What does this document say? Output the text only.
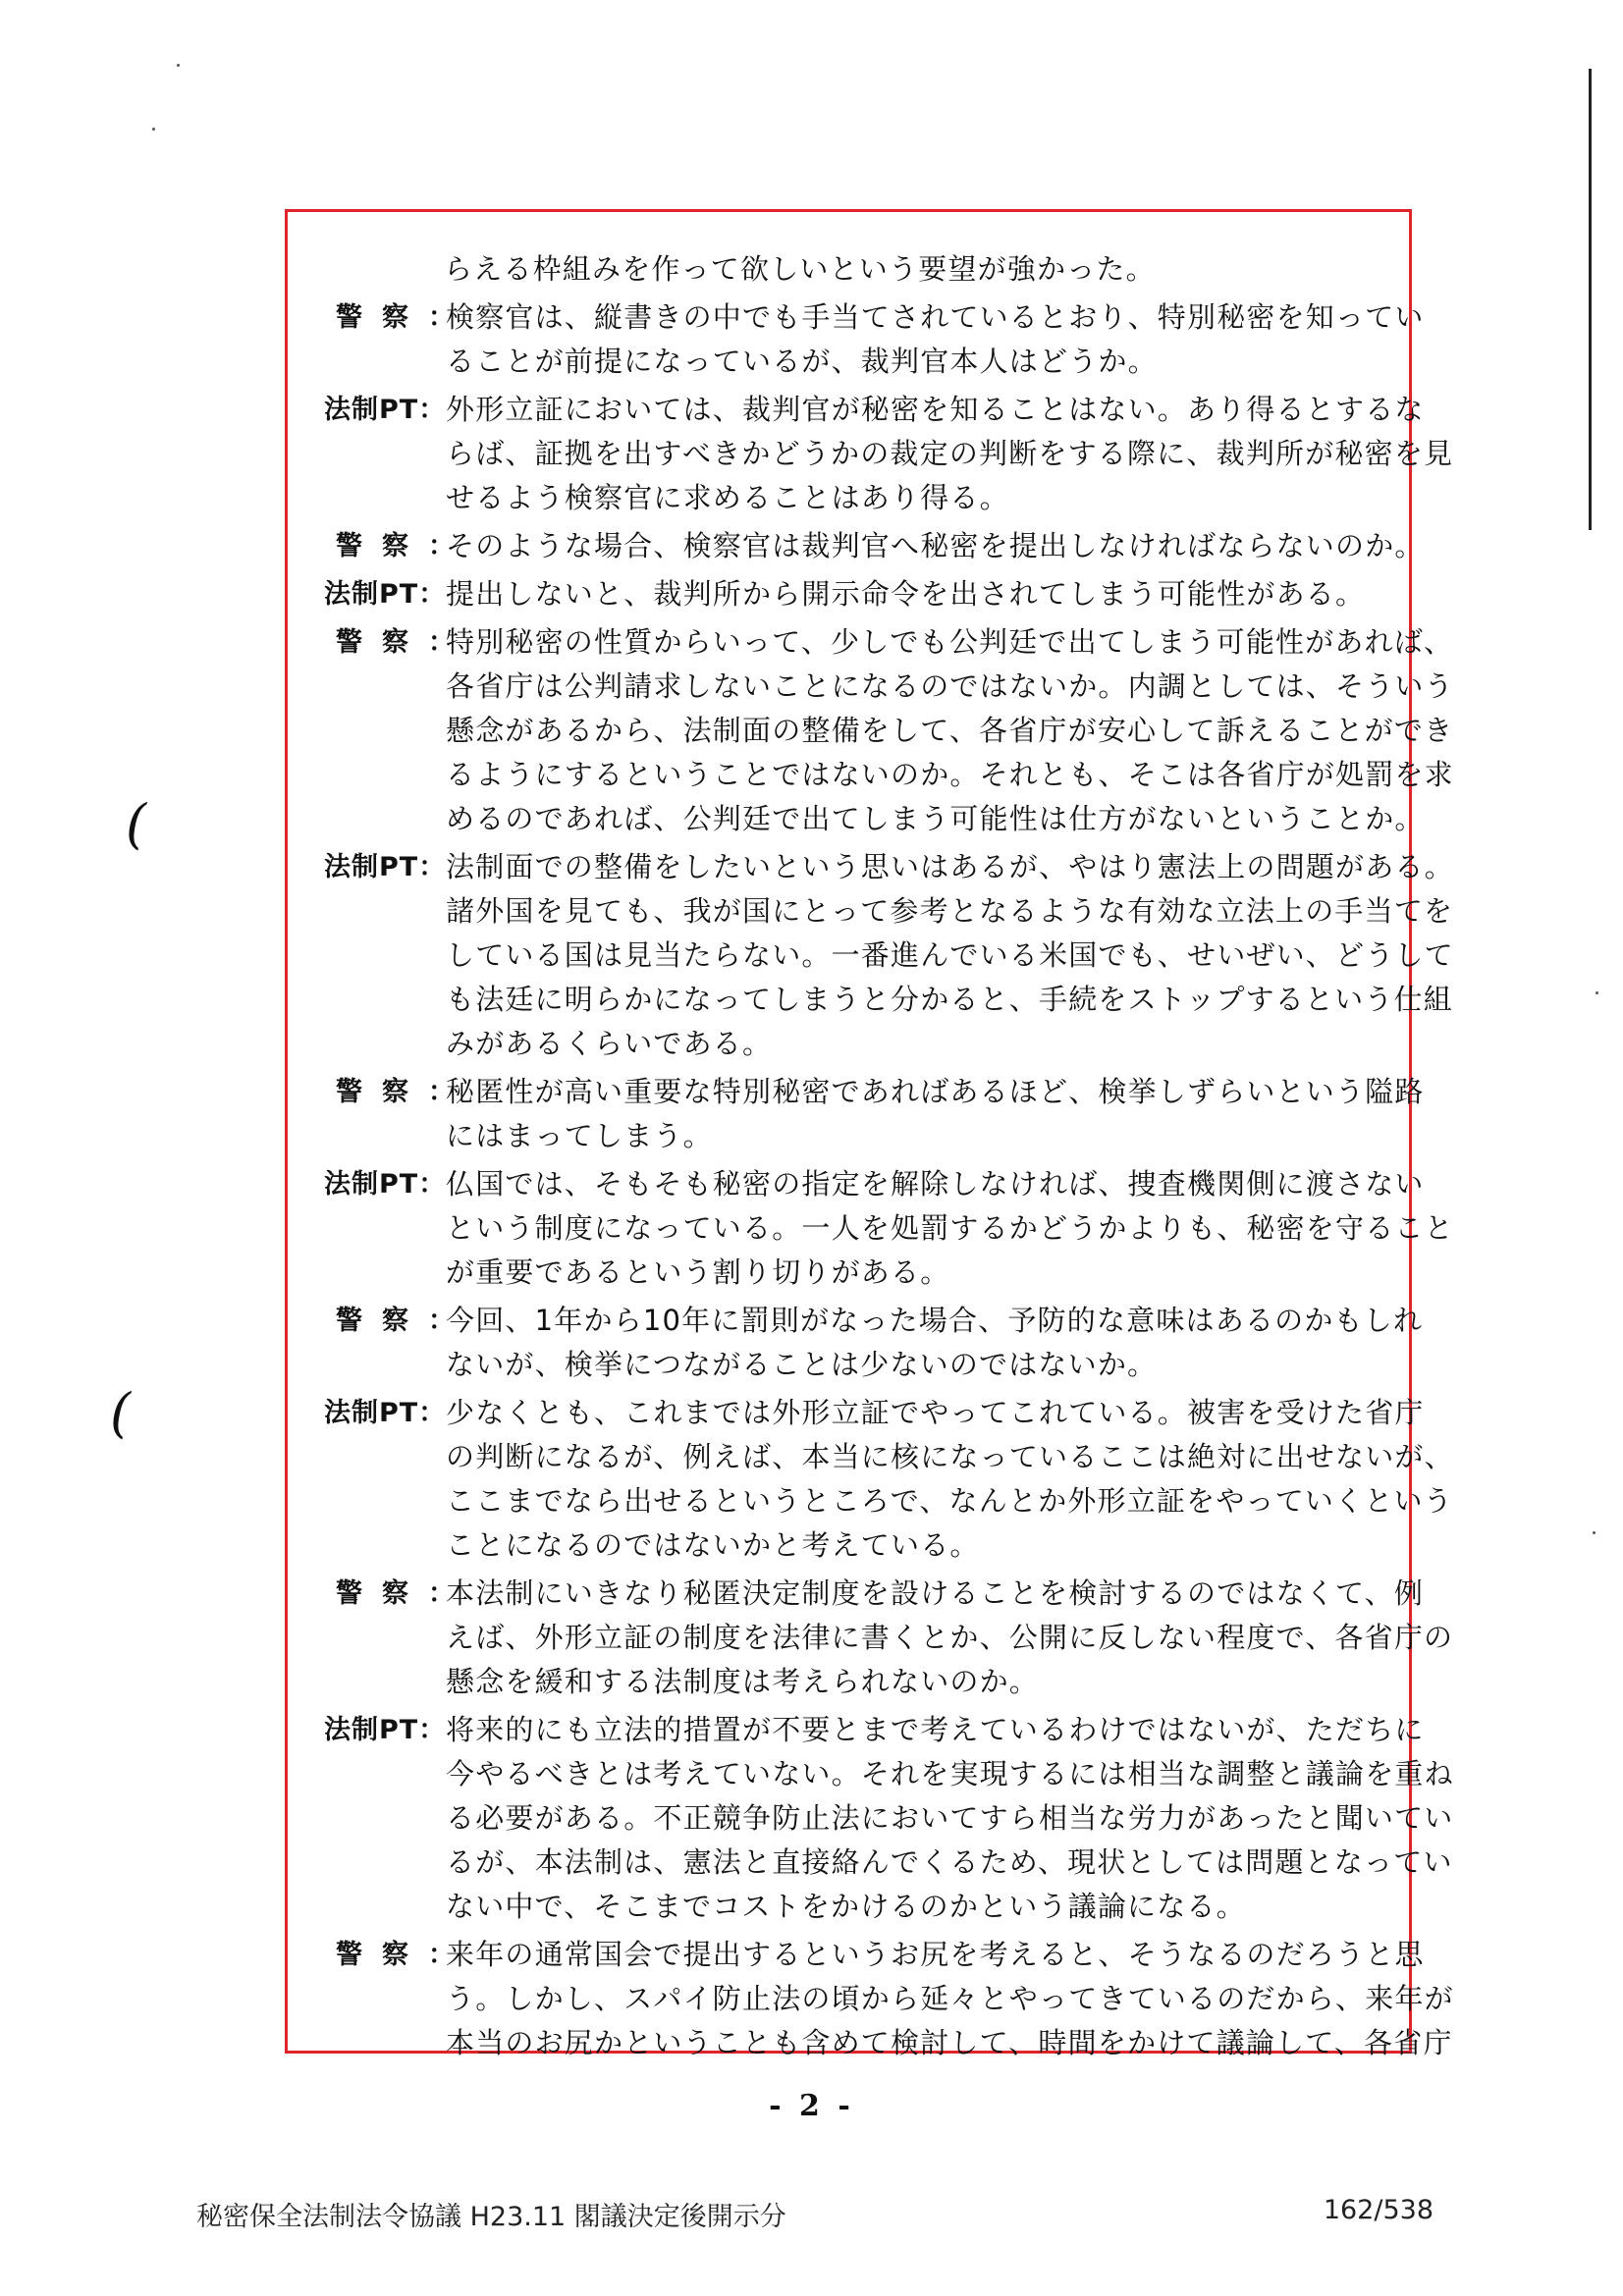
(
(
らえる枠組みを作って欲しいという要望が強かった。
警察：
検察官は、縦書きの中でも手当てされているとおり、特別秘密を知ってい
ることが前提になっているが、裁判官本人はどうか。
法制PT： 外形立証においては、裁判官が秘密を知ることはない。あり得るとするな
らば、証拠を出すべきかどうかの裁定の判断をする際に、裁判所が秘密を見
せるよう検察官に求めることはあり得る。
警察：
そのような場合、検察官は裁判官へ秘密を提出しなければならないのか。
法制PT： 提出しないと、裁判所から開示命令を出されてしまう可能性がある。
警察：
特別秘密の性質からいって、少しでも公判廷で出てしまう可能性があれば、
各省庁は公判請求しないことになるのではないか。内調としては、そういう
懸念があるから、法制面の整備をして、各省庁が安心して訴えることができ
るようにするということではないのか。それとも、そこは各省庁が処罰を求
めるのであれば、公判廷で出てしまう可能性は仕方がないということか。
法制PT： 法制面での整備をしたいという思いはあるが、やはり憲法上の問題がある。
諸外国を見ても、我が国にとって参考となるような有効な立法上の手当てを
している国は見当たらない。一番進んでいる米国でも、せいぜい、どうして
も法廷に明らかになってしまうと分かると、手続をストップするという仕組
みがあるくらいである。
警察：
秘匿性が高い重要な特別秘密であればあるほど、検挙しずらいという隘路
にはまってしまう。
法制PT： 仏国では、そもそも秘密の指定を解除しなければ、捜査機関側に渡さない
という制度になっている。一人を処罰するかどうかよりも、秘密を守ること
が重要であるという割り切りがある。
警察：
今回、1年から10年に罰則がなった場合、予防的な意味はあるのかもしれ
ないが、検挙につながることは少ないのではないか。
法制PT： 少なくとも、これまでは外形立証でやってこれている。被害を受けた省庁
の判断になるが、例えば、本当に核になっているここは絶対に出せないが、
ここまでなら出せるというところで、なんとか外形立証をやっていくという
ことになるのではないかと考えている。
警察：
本法制にいきなり秘匿決定制度を設けることを検討するのではなくて、例
えば、外形立証の制度を法律に書くとか、公開に反しない程度で、各省庁の
懸念を緩和する法制度は考えられないのか。
法制PT： 将来的にも立法的措置が不要とまで考えているわけではないが、ただちに
今やるべきとは考えていない。それを実現するには相当な調整と議論を重ね
る必要がある。不正競争防止法においてすら相当な労力があったと聞いてい
るが、本法制は、憲法と直接絡んでくるため、現状としては問題となってい
ない中で、そこまでコストをかけるのかという議論になる。
警察：
来年の通常国会で提出するというお尻を考えると、そうなるのだろうと思
う。しかし、スパイ防止法の頃から延々とやってきているのだから、来年が
本当のお尻かということも含めて検討して、時間をかけて議論して、各省庁
- 2 -
秘密保全法制法令協議 H23.11 閣議決定後開示分	162/538
